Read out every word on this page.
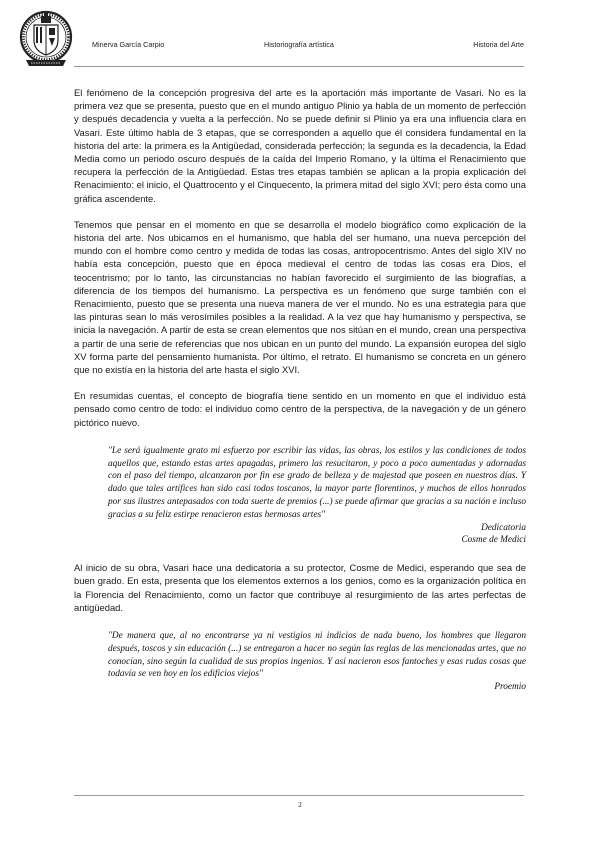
Minerva García Carpio	Historiografía artística	Historia del Arte

El fenómeno de la concepción progresiva del arte es la aportación más importante de Vasari. No es la primera vez que se presenta, puesto que en el mundo antiguo Plinio ya habla de un momento de perfección y después decadencia y vuelta a la perfección. No se puede definir si Plinio ya era una influencia clara en Vasari. Este último habla de 3 etapas, que se corresponden a aquello que él considera fundamental en la historia del arte: la primera es la Antigüedad, considerada perfección; la segunda es la decadencia, la Edad Media como un periodo oscuro después de la caída del Imperio Romano, y la última el Renacimiento que recupera la perfección de la Antigüedad. Estas tres etapas también se aplican a la propia explicación del Renacimiento: el inicio, el Quattrocento y el Cinquecento, la primera mitad del siglo XVI; pero ésta como una gráfica ascendente.

Tenemos que pensar en el momento en que se desarrolla el modelo biográfico como explicación de la historia del arte. Nos ubicamos en el humanismo, que habla del ser humano, una nueva percepción del mundo con el hombre como centro y medida de todas las cosas, antropocentrismo. Antes del siglo XIV no había esta concepción, puesto que en época medieval el centro de todas las cosas era Dios, el teocentrismo; por lo tanto, las circunstancias no habían favorecido el surgimiento de las biografías, a diferencia de los tiempos del humanismo. La perspectiva es un fenómeno que surge también con el Renacimiento, puesto que se presenta una nueva manera de ver el mundo. No es una estrategia para que las pinturas sean lo más verosímiles posibles a la realidad. A la vez que hay humanismo y perspectiva, se inicia la navegación. A partir de esta se crean elementos que nos sitúan en el mundo, crean una perspectiva a partir de una serie de referencias que nos ubican en un punto del mundo. La expansión europea del siglo XV forma parte del pensamiento humanista. Por último, el retrato. El humanismo se concreta en un género que no existía en la historia del arte hasta el siglo XVI.

En resumidas cuentas, el concepto de biografía tiene sentido en un momento en que el individuo está pensado como centro de todo: el individuo como centro de la perspectiva, de la navegación y de un género pictórico nuevo.

"Le será igualmente grato mi esfuerzo por escribir las vidas, las obras, los estilos y las condiciones de todos aquellos que, estando estas artes apagadas, primero las resucitaron, y poco a poco aumentadas y adornadas con el paso del tiempo, alcanzaron por fin ese grado de belleza y de majestad que poseen en nuestros días. Y dado que tales artífices han sido casi todos toscanos, la mayor parte florentinos, y muchos de ellos honrados por sus ilustres antepasados con toda suerte de premios (...) se puede afirmar que gracias a su nación e incluso gracias a su feliz estirpe renacieron estas hermosas artes"
Dedicatoria
Cosme de Medici

Al inicio de su obra, Vasari hace una dedicatoria a su protector, Cosme de Medici, esperando que sea de buen grado. En esta, presenta que los elementos externos a los genios, como es la organización política en la Florencia del Renacimiento, como un factor que contribuye al resurgimiento de las artes perfectas de antigüedad.

"De manera que, al no encontrarse ya ni vestigios ni indicios de nada bueno, los hombres que llegaron después, toscos y sin educación (...) se entregaron a hacer no según las reglas de las mencionadas artes, que no conocían, sino según la cualidad de sus propios ingenios. Y así nacieron esos fantoches y esas rudas cosas que todavía se ven hoy en los edificios viejos"
Proemio
2
